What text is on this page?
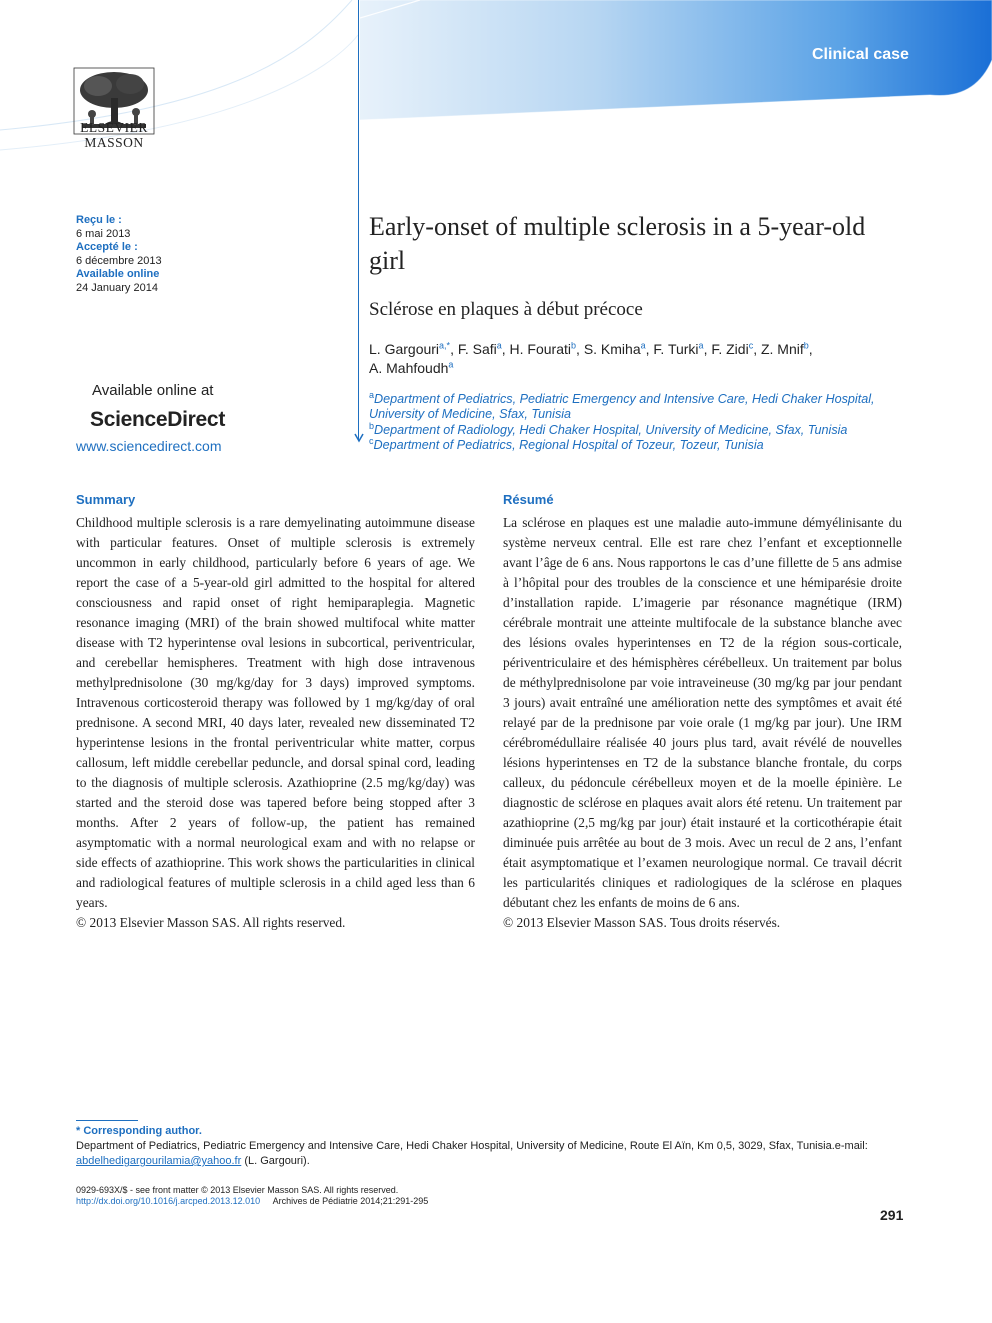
Clinical case
ELSEVIER
MASSON
Reçu le :
6 mai 2013
Accepté le :
6 décembre 2013
Available online
24 January 2014
Available online at
ScienceDirect
www.sciencedirect.com
Early-onset of multiple sclerosis in a 5-year-old girl
Sclérose en plaques à début précoce
L. Gargouri$^{a,*}$, F. Safi$^a$, H. Fourati$^b$, S. Kmiha$^a$, F. Turki$^a$, F. Zidi$^c$, Z. Mnif$^b$,
A. Mahfoudh$^a$
$^a$Department of Pediatrics, Pediatric Emergency and Intensive Care, Hedi Chaker Hospital, University of Medicine, Sfax, Tunisia
$^b$Department of Radiology, Hedi Chaker Hospital, University of Medicine, Sfax, Tunisia
$^c$Department of Pediatrics, Regional Hospital of Tozeur, Tozeur, Tunisia
Summary
Childhood multiple sclerosis is a rare demyelinating autoimmune disease with particular features. Onset of multiple sclerosis is extremely uncommon in early childhood, particularly before 6 years of age. We report the case of a 5-year-old girl admitted to the hospital for altered consciousness and rapid onset of right hemiparaplegia. Magnetic resonance imaging (MRI) of the brain showed multifocal white matter disease with T2 hyperintense oval lesions in subcortical, periventricular, and cerebellar hemispheres. Treatment with high dose intravenous methylprednisolone (30 mg/kg/day for 3 days) improved symptoms. Intravenous corticosteroid therapy was followed by 1 mg/kg/day of oral prednisone. A second MRI, 40 days later, revealed new disseminated T2 hyperintense lesions in the frontal periventricular white matter, corpus callosum, left middle cerebellar peduncle, and dorsal spinal cord, leading to the diagnosis of multiple sclerosis. Azathioprine (2.5 mg/kg/day) was started and the steroid dose was tapered before being stopped after 3 months. After 2 years of follow-up, the patient has remained asymptomatic with a normal neurological exam and with no relapse or side effects of azathioprine. This work shows the particularities in clinical and radiological features of multiple sclerosis in a child aged less than 6 years.
© 2013 Elsevier Masson SAS. All rights reserved.
Résumé
La sclérose en plaques est une maladie auto-immune démyélinisante du système nerveux central. Elle est rare chez l’enfant et exceptionnelle avant l’âge de 6 ans. Nous rapportons le cas d’une fillette de 5 ans admise à l’hôpital pour des troubles de la conscience et une hémiparésie droite d’installation rapide. L’imagerie par résonance magnétique (IRM) cérébrale montrait une atteinte multifocale de la substance blanche avec des lésions ovales hyperintenses en T2 de la région sous-corticale, périventriculaire et des hémisphères cérébelleux. Un traitement par bolus de méthylprednisolone par voie intraveineuse (30 mg/kg par jour pendant 3 jours) avait entraîné une amélioration nette des symptômes et avait été relayé par de la prednisone par voie orale (1 mg/kg par jour). Une IRM cérébromédullaire réalisée 40 jours plus tard, avait révélé de nouvelles lésions hyperintenses en T2 de la substance blanche frontale, du corps calleux, du pédoncule cérébelleux moyen et de la moelle épinière. Le diagnostic de sclérose en plaques avait alors été retenu. Un traitement par azathioprine (2,5 mg/kg par jour) était instauré et la corticothérapie était diminuée puis arrêtée au bout de 3 mois. Avec un recul de 2 ans, l’enfant était asymptomatique et l’examen neurologique normal. Ce travail décrit les particularités cliniques et radiologiques de la sclérose en plaques débutant chez les enfants de moins de 6 ans.
© 2013 Elsevier Masson SAS. Tous droits réservés.
* Corresponding author.
Department of Pediatrics, Pediatric Emergency and Intensive Care, Hedi Chaker Hospital, University of Medicine, Route El Aïn, Km 0,5, 3029, Sfax, Tunisia.e-mail:
abdelhedigargourilamia@yahoo.fr (L. Gargouri).
0929-693X/$ - see front matter © 2013 Elsevier Masson SAS. All rights reserved.
http://dx.doi.org/10.1016/j.arcped.2013.12.010 Archives de Pédiatrie 2014;21:291-295
291
